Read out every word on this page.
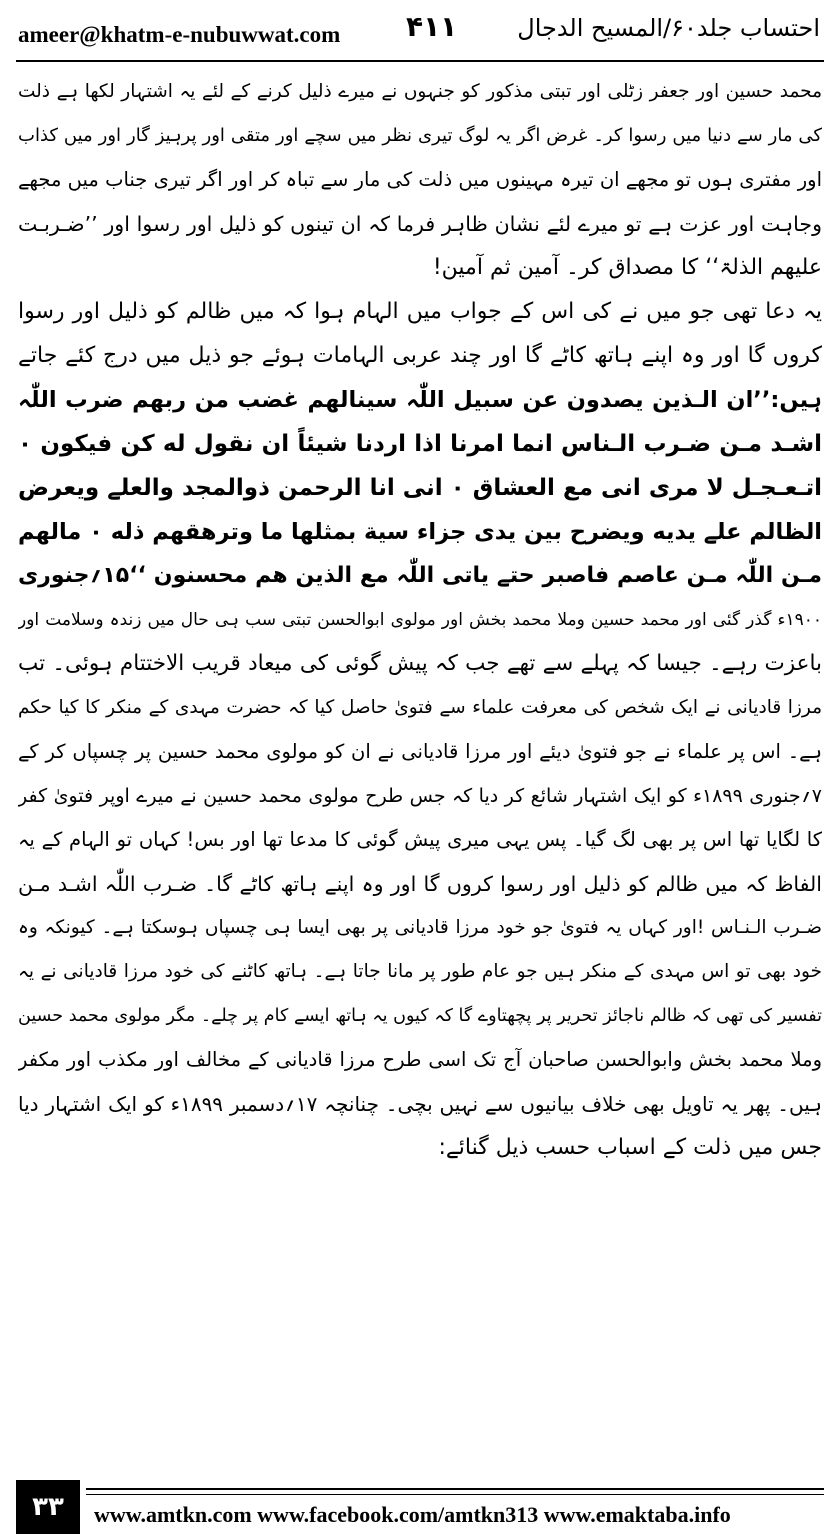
ameer@khatm-e-nubuwwat.com ۴۱۱ احتساب جلد۶۰/المسیح الدجال
محمد حسین اور جعفر زٹلی اور تبتی مذکور کو جنہوں نے میرے ذلیل کرنے کے لئے یہ اشتہار لکھا ہے ذلت
کی مار سے دنیا میں رسوا کر۔ غرض اگر یہ لوگ تیری نظر میں سچے اور متقی اور پرہیز گار اور میں کذاب
اور مفتری ہوں تو مجھے ان تیرہ مہینوں میں ذلت کی مار سے تباہ کر اور اگر تیری جناب میں مجھے
وجاہت اور عزت ہے تو میرے لئے نشان ظاہر فرما کہ ان تینوں کو ذلیل اور رسوا اور ’’ضـربـت
علیھم الذلۃ‘‘ کا مصداق کر۔ آمین ثم آمین!
یہ دعا تھی جو میں نے کی اس کے جواب میں الہام ہوا کہ میں ظالم کو ذلیل اور رسوا
کروں گا اور وہ اپنے ہاتھ کاٹے گا اور چند عربی الہامات ہوئے جو ذیل میں درج کئے جاتے
ہیں:’’ان الـذین یصدون عن سبیل اللّٰہ سینالھم غضب من ربھم ضرب اللّٰہ
اشـد مـن ضـرب الـناس انما امرنا اذا اردنا شیئاً ان نقول له کن فیکون ۰
اتـعـجـل لا مری انی مع العشاق ۰ انی انا الرحمن ذوالمجد والعلے ویعرض
الظالم علے یدیه ویضرح بین یدی جزاء سیة بمثلھا ما وترھقھم ذله ۰ مالھم
مـن اللّٰہ مـن عاصم فاصبر حتے یاتی اللّٰہ مع الذین ھم محسنون ‘‘۱۵؍جنوری
۱۹۰۰ء گذر گئی اور محمد حسین وملا محمد بخش اور مولوی ابوالحسن تبتی سب ہی حال میں زندہ وسلامت اور
باعزت رہے۔ جیسا کہ پہلے سے تھے جب کہ پیش گوئی کی میعاد قریب الاختتام ہوئی۔ تب
مرزا قادیانی نے ایک شخص کی معرفت علماء سے فتویٰ حاصل کیا کہ حضرت مہدی کے منکر کا کیا حکم
ہے۔ اس پر علماء نے جو فتویٰ دیئے اور مرزا قادیانی نے ان کو مولوی محمد حسین پر چسپاں کر کے
۷؍جنوری ۱۸۹۹ء کو ایک اشتہار شائع کر دیا کہ جس طرح مولوی محمد حسین نے میرے اوپر فتویٰ کفر
کا لگایا تھا اس پر بھی لگ گیا۔ پس یہی میری پیش گوئی کا مدعا تھا اور بس! کہاں تو الہام کے یہ
الفاظ کہ میں ظالم کو ذلیل اور رسوا کروں گا اور وہ اپنے ہاتھ کاٹے گا۔ ضـرب اللّٰہ اشـد مـن
ضـرب الـنـاس !اور کہاں یہ فتویٰ جو خود مرزا قادیانی پر بھی ایسا ہی چسپاں ہوسکتا ہے۔ کیونکہ وہ
خود بھی تو اس مہدی کے منکر ہیں جو عام طور پر مانا جاتا ہے۔ ہاتھ کاٹنے کی خود مرزا قادیانی نے یہ
تفسیر کی تھی کہ ظالم ناجائز تحریر پر پچھتاوے گا کہ کیوں یہ ہاتھ ایسے کام پر چلے۔ مگر مولوی محمد حسین
وملا محمد بخش وابوالحسن صاحبان آج تک اسی طرح مرزا قادیانی کے مخالف اور مکذب اور مکفر
ہیں۔ پھر یہ تاویل بھی خلاف بیانیوں سے نہیں بچی۔ چنانچہ ۱۷؍دسمبر ۱۸۹۹ء کو ایک اشتہار دیا
جس میں ذلت کے اسباب حسب ذیل گنائے:
۳۳	www.amtkn.com www.facebook.com/amtkn313 www.emaktaba.info
